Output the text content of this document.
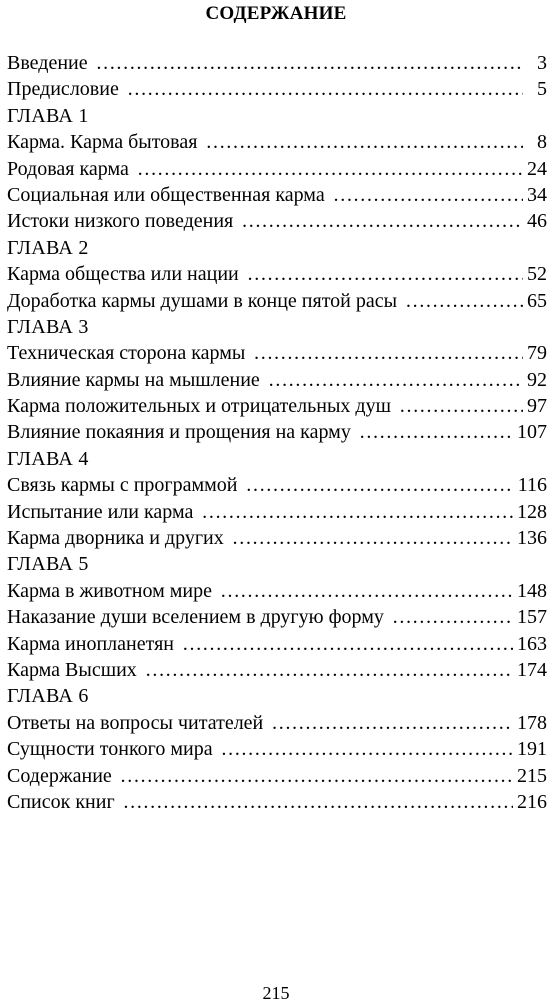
СОДЕРЖАНИЕ
Введение ……………………………………………………………………………………………………………………………………………………	3
Предисловие ……………………………………………………………………………………………………………………………………………………	5
ГЛАВА 1
Карма. Карма бытовая ……………………………………………………………………………………………………………………………………………………	8
Родовая карма ……………………………………………………………………………………………………………………………………………………	24
Социальная или общественная карма ……………………………………………………………………………………………………………………………………………………	34
Истоки низкого поведения ……………………………………………………………………………………………………………………………………………………	46
ГЛАВА 2
Карма общества или нации ……………………………………………………………………………………………………………………………………………………	52
Доработка кармы душами в конце пятой расы ……………………………………………………………………………………………………………………………………………………	65
ГЛАВА 3
Техническая сторона кармы ……………………………………………………………………………………………………………………………………………………	79
Влияние кармы на мышление ……………………………………………………………………………………………………………………………………………………	92
Карма положительных и отрицательных душ ……………………………………………………………………………………………………………………………………………………	97
Влияние покаяния и прощения на карму ……………………………………………………………………………………………………………………………………………………	107
ГЛАВА 4
Связь кармы с программой ……………………………………………………………………………………………………………………………………………………	116
Испытание или карма ……………………………………………………………………………………………………………………………………………………	128
Карма дворника и других ……………………………………………………………………………………………………………………………………………………	136
ГЛАВА 5
Карма в животном мире ……………………………………………………………………………………………………………………………………………………	148
Наказание души вселением в другую форму ……………………………………………………………………………………………………………………………………………………	157
Карма инопланетян ……………………………………………………………………………………………………………………………………………………	163
Карма Высших ……………………………………………………………………………………………………………………………………………………	174
ГЛАВА 6
Ответы на вопросы читателей ……………………………………………………………………………………………………………………………………………………	178
Сущности тонкого мира ……………………………………………………………………………………………………………………………………………………	191
Содержание ……………………………………………………………………………………………………………………………………………………	215
Список книг ……………………………………………………………………………………………………………………………………………………	216
215
